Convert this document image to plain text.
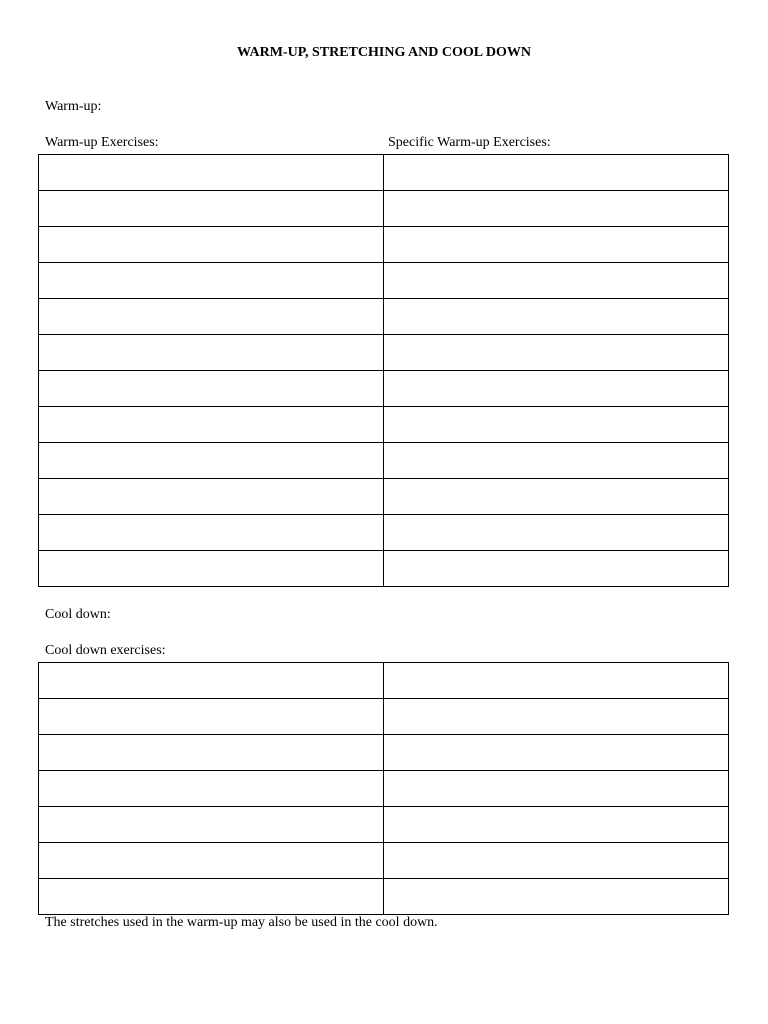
WARM-UP, STRETCHING AND COOL DOWN
Warm-up:
Warm-up Exercises:	Specific Warm-up Exercises:

Cool down:
Cool down exercises:

The stretches used in the warm-up may also be used in the cool down.
